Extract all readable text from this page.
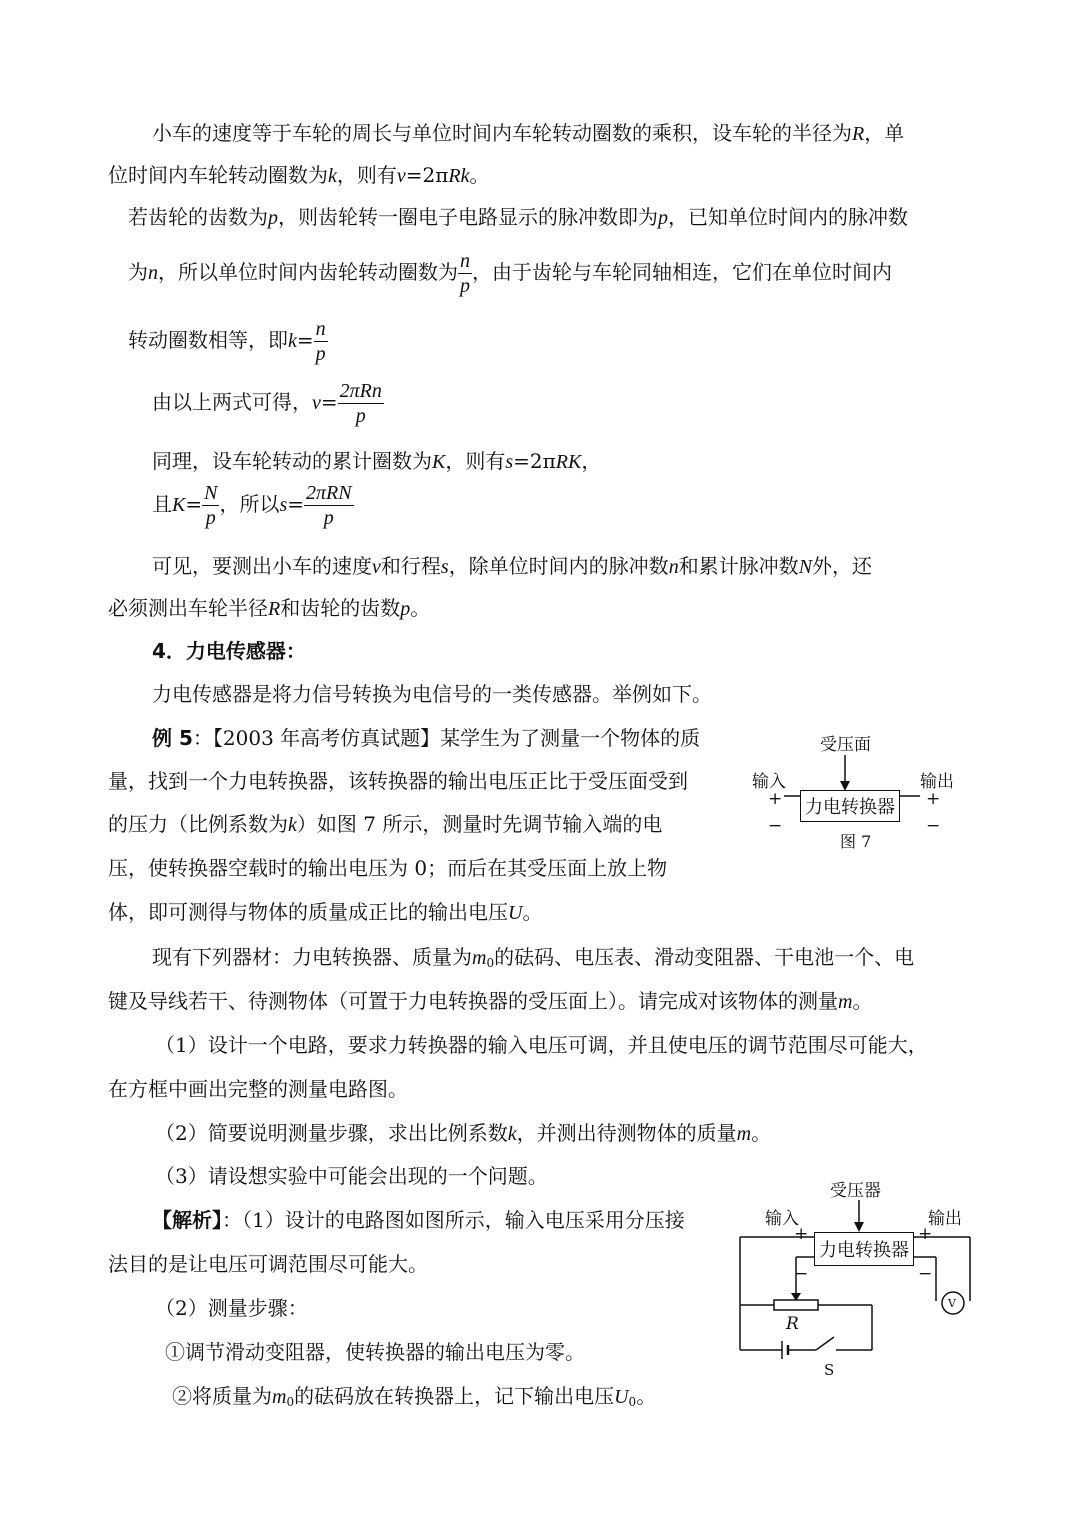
小车的速度等于车轮的周长与单位时间内车轮转动圈数的乘积，设车轮的半径为R，单
位时间内车轮转动圈数为k，则有v=2πRk。
若齿轮的齿数为p，则齿轮转一圈电子电路显示的脉冲数即为p，已知单位时间内的脉冲数
为n，所以单位时间内齿轮转动圈数为 $\frac{n}{p}$ ，由于齿轮与车轮同轴相连，它们在单位时间内
转动圈数相等，即$k= \frac{n}{p}$
由以上两式可得，$v= \frac{\text{2πRn}}{p}$
同理，设车轮转动的累计圈数为K，则有s=2πRK，
且$K= \frac{N}{p}$ ，所以$s= \frac{\text{2πRN}}{p}$
可见，要测出小车的速度v和行程s，除单位时间内的脉冲数n和累计脉冲数N外，还
必须测出车轮半径R和齿轮的齿数p。
4．力电传感器：
力电传感器是将力信号转换为电信号的一类传感器。举例如下。
例 5：【2003 年高考仿真试题】某学生为了测量一个物体的质
量，找到一个力电转换器，该转换器的输出电压正比于受压面受到
的压力（比例系数为k）如图 7 所示，测量时先调节输入端的电
压，使转换器空载时的输出电压为 0；而后在其受压面上放上物
体，即可测得与物体的质量成正比的输出电压U。
受压面
输入	输出
力电转换器
+
−
+
−
图 7
现有下列器材：力电转换器、质量为$m_0$的砝码、电压表、滑动变阻器、干电池一个、电
键及导线若干、待测物体（可置于力电转换器的受压面上）。请完成对该物体的测量m。
（1）设计一个电路，要求力转换器的输入电压可调，并且使电压的调节范围尽可能大，
在方框中画出完整的测量电路图。
（2）简要说明测量步骤，求出比例系数k，并测出待测物体的质量m。
（3）请设想实验中可能会出现的一个问题。
【解析】：（1）设计的电路图如图所示，输入电压采用分压接
法目的是让电压可调范围尽可能大。
（2）测量步骤：
①调节滑动变阻器，使转换器的输出电压为零。
②将质量为$m_0$的砝码放在转换器上，记下输出电压$U_0$。
受压器
输入	输出
力电转换器
+
−
+
−
R
S
V
